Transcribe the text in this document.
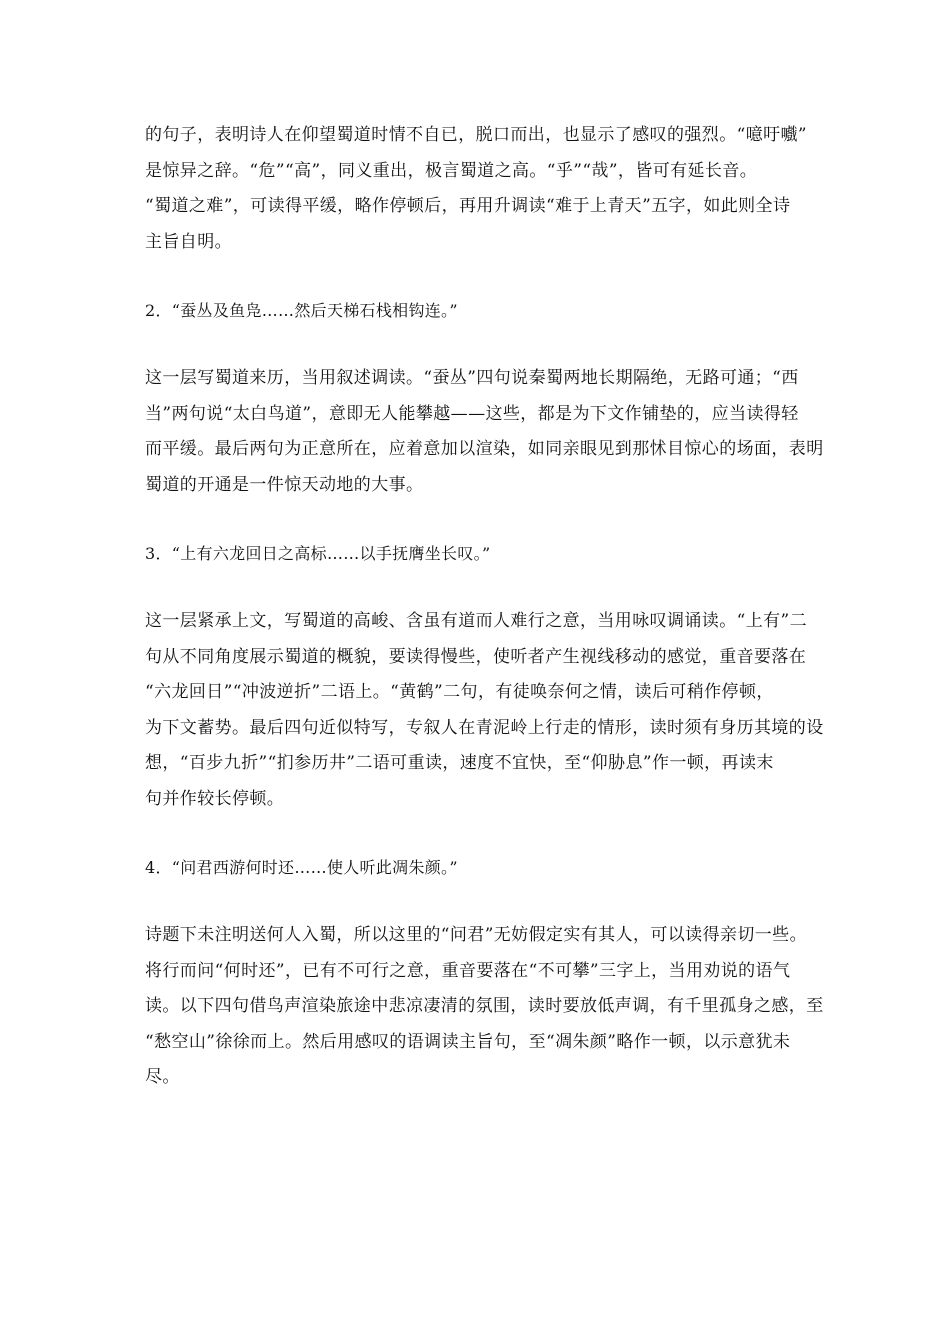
的句子，表明诗人在仰望蜀道时情不自已，脱口而出，也显示了感叹的强烈。“噫吁嚱”
是惊异之辞。“危”“高”，同义重出，极言蜀道之高。“乎”“哉”，皆可有延长音。
“蜀道之难”，可读得平缓，略作停顿后，再用升调读“难于上青天”五字，如此则全诗
主旨自明。

2．“蚕丛及鱼凫……然后天梯石栈相钩连。”

这一层写蜀道来历，当用叙述调读。“蚕丛”四句说秦蜀两地长期隔绝，无路可通；“西
当”两句说“太白鸟道”，意即无人能攀越——这些，都是为下文作铺垫的，应当读得轻
而平缓。最后两句为正意所在，应着意加以渲染，如同亲眼见到那怵目惊心的场面，表明
蜀道的开通是一件惊天动地的大事。

3．“上有六龙回日之高标……以手抚膺坐长叹。”

这一层紧承上文，写蜀道的高峻、含虽有道而人难行之意，当用咏叹调诵读。“上有”二
句从不同角度展示蜀道的概貌，要读得慢些，使听者产生视线移动的感觉，重音要落在
“六龙回日”“冲波逆折”二语上。“黄鹤”二句，有徒唤奈何之情，读后可稍作停顿，
为下文蓄势。最后四句近似特写，专叙人在青泥岭上行走的情形，读时须有身历其境的设
想，“百步九折”“扪参历井”二语可重读，速度不宜快，至“仰胁息”作一顿，再读末
句并作较长停顿。

4．“问君西游何时还……使人听此凋朱颜。”

诗题下未注明送何人入蜀，所以这里的“问君”无妨假定实有其人，可以读得亲切一些。
将行而问“何时还”，已有不可行之意，重音要落在“不可攀”三字上，当用劝说的语气
读。以下四句借鸟声渲染旅途中悲凉凄清的氛围，读时要放低声调，有千里孤身之感，至
“愁空山”徐徐而上。然后用感叹的语调读主旨句，至“凋朱颜”略作一顿，以示意犹未
尽。
